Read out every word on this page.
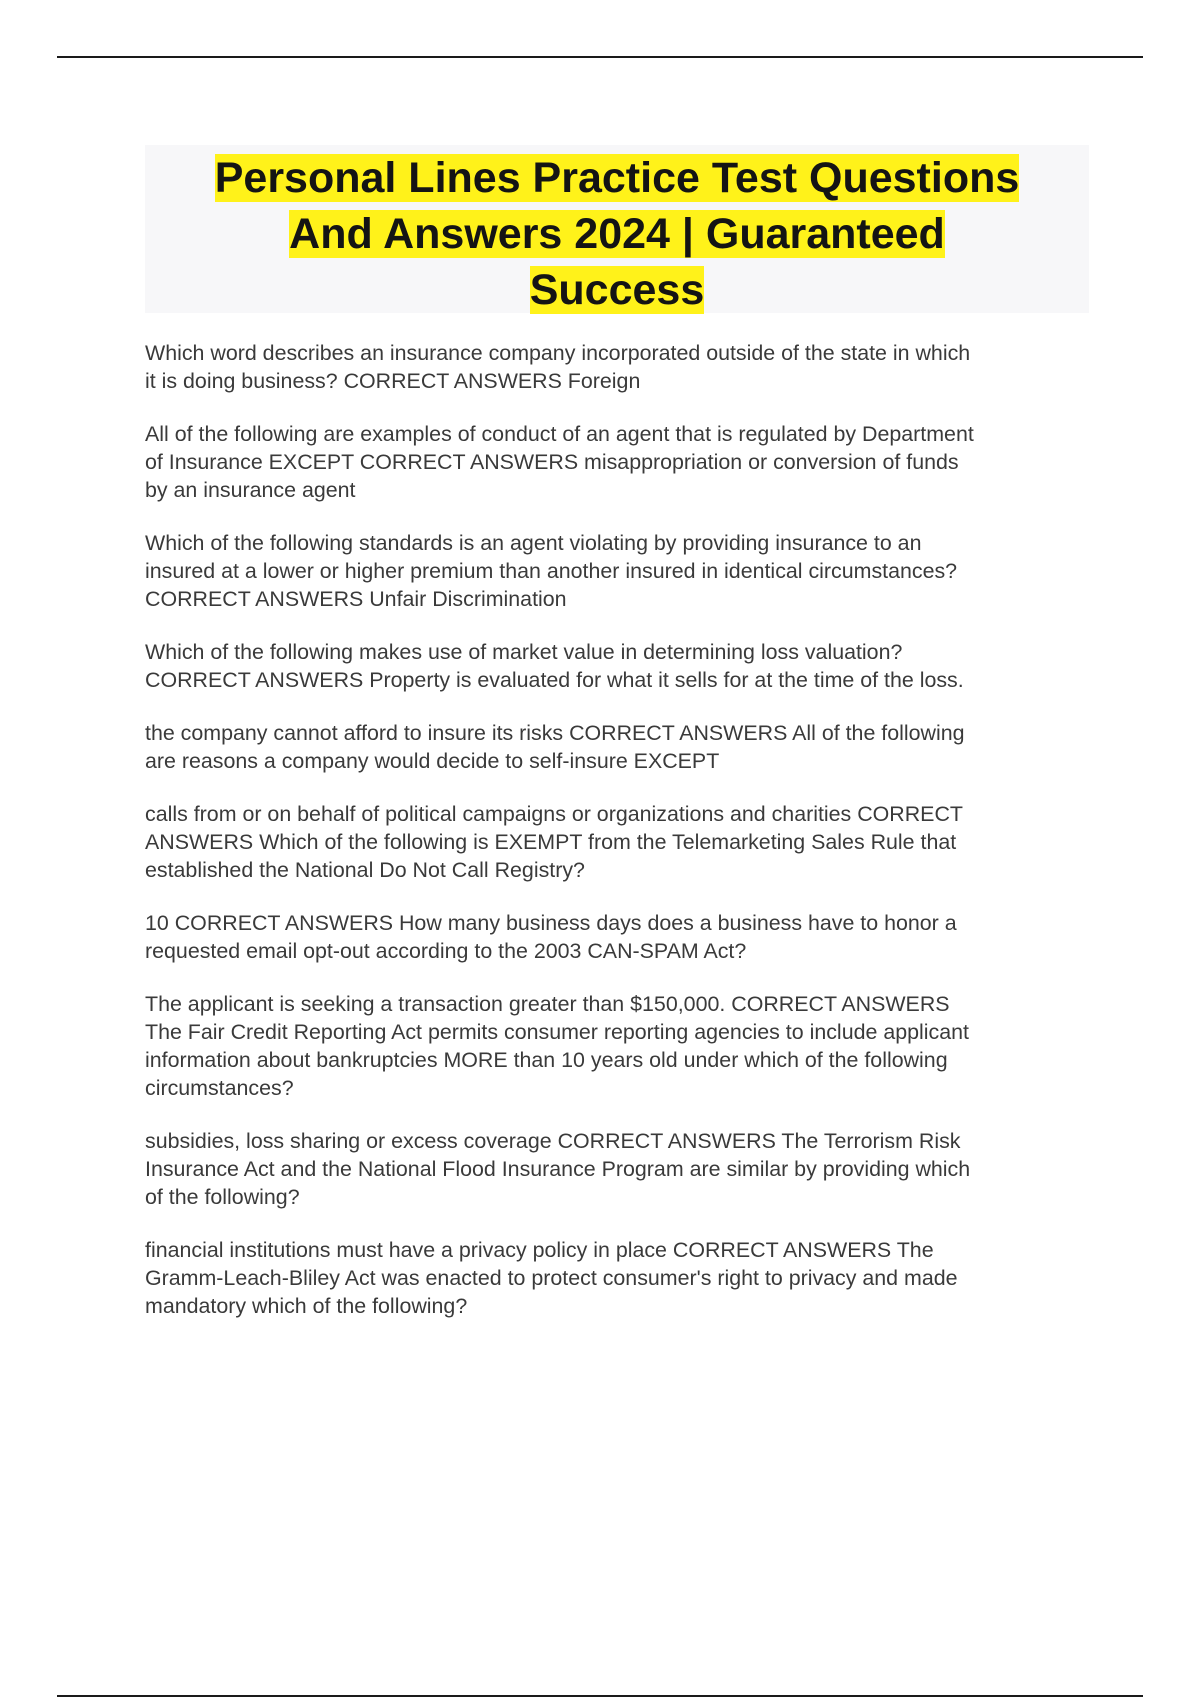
Personal Lines Practice Test Questions
And Answers 2024 | Guaranteed
Success
Which word describes an insurance company incorporated outside of the state in which
it is doing business? CORRECT ANSWERS Foreign
All of the following are examples of conduct of an agent that is regulated by Department
of Insurance EXCEPT CORRECT ANSWERS misappropriation or conversion of funds
by an insurance agent
Which of the following standards is an agent violating by providing insurance to an
insured at a lower or higher premium than another insured in identical circumstances?
CORRECT ANSWERS Unfair Discrimination
Which of the following makes use of market value in determining loss valuation?
CORRECT ANSWERS Property is evaluated for what it sells for at the time of the loss.
the company cannot afford to insure its risks CORRECT ANSWERS All of the following
are reasons a company would decide to self-insure EXCEPT
calls from or on behalf of political campaigns or organizations and charities CORRECT
ANSWERS Which of the following is EXEMPT from the Telemarketing Sales Rule that
established the National Do Not Call Registry?
10 CORRECT ANSWERS How many business days does a business have to honor a
requested email opt-out according to the 2003 CAN-SPAM Act?
The applicant is seeking a transaction greater than $150,000. CORRECT ANSWERS
The Fair Credit Reporting Act permits consumer reporting agencies to include applicant
information about bankruptcies MORE than 10 years old under which of the following
circumstances?
subsidies, loss sharing or excess coverage CORRECT ANSWERS The Terrorism Risk
Insurance Act and the National Flood Insurance Program are similar by providing which
of the following?
financial institutions must have a privacy policy in place CORRECT ANSWERS The
Gramm-Leach-Bliley Act was enacted to protect consumer's right to privacy and made
mandatory which of the following?
